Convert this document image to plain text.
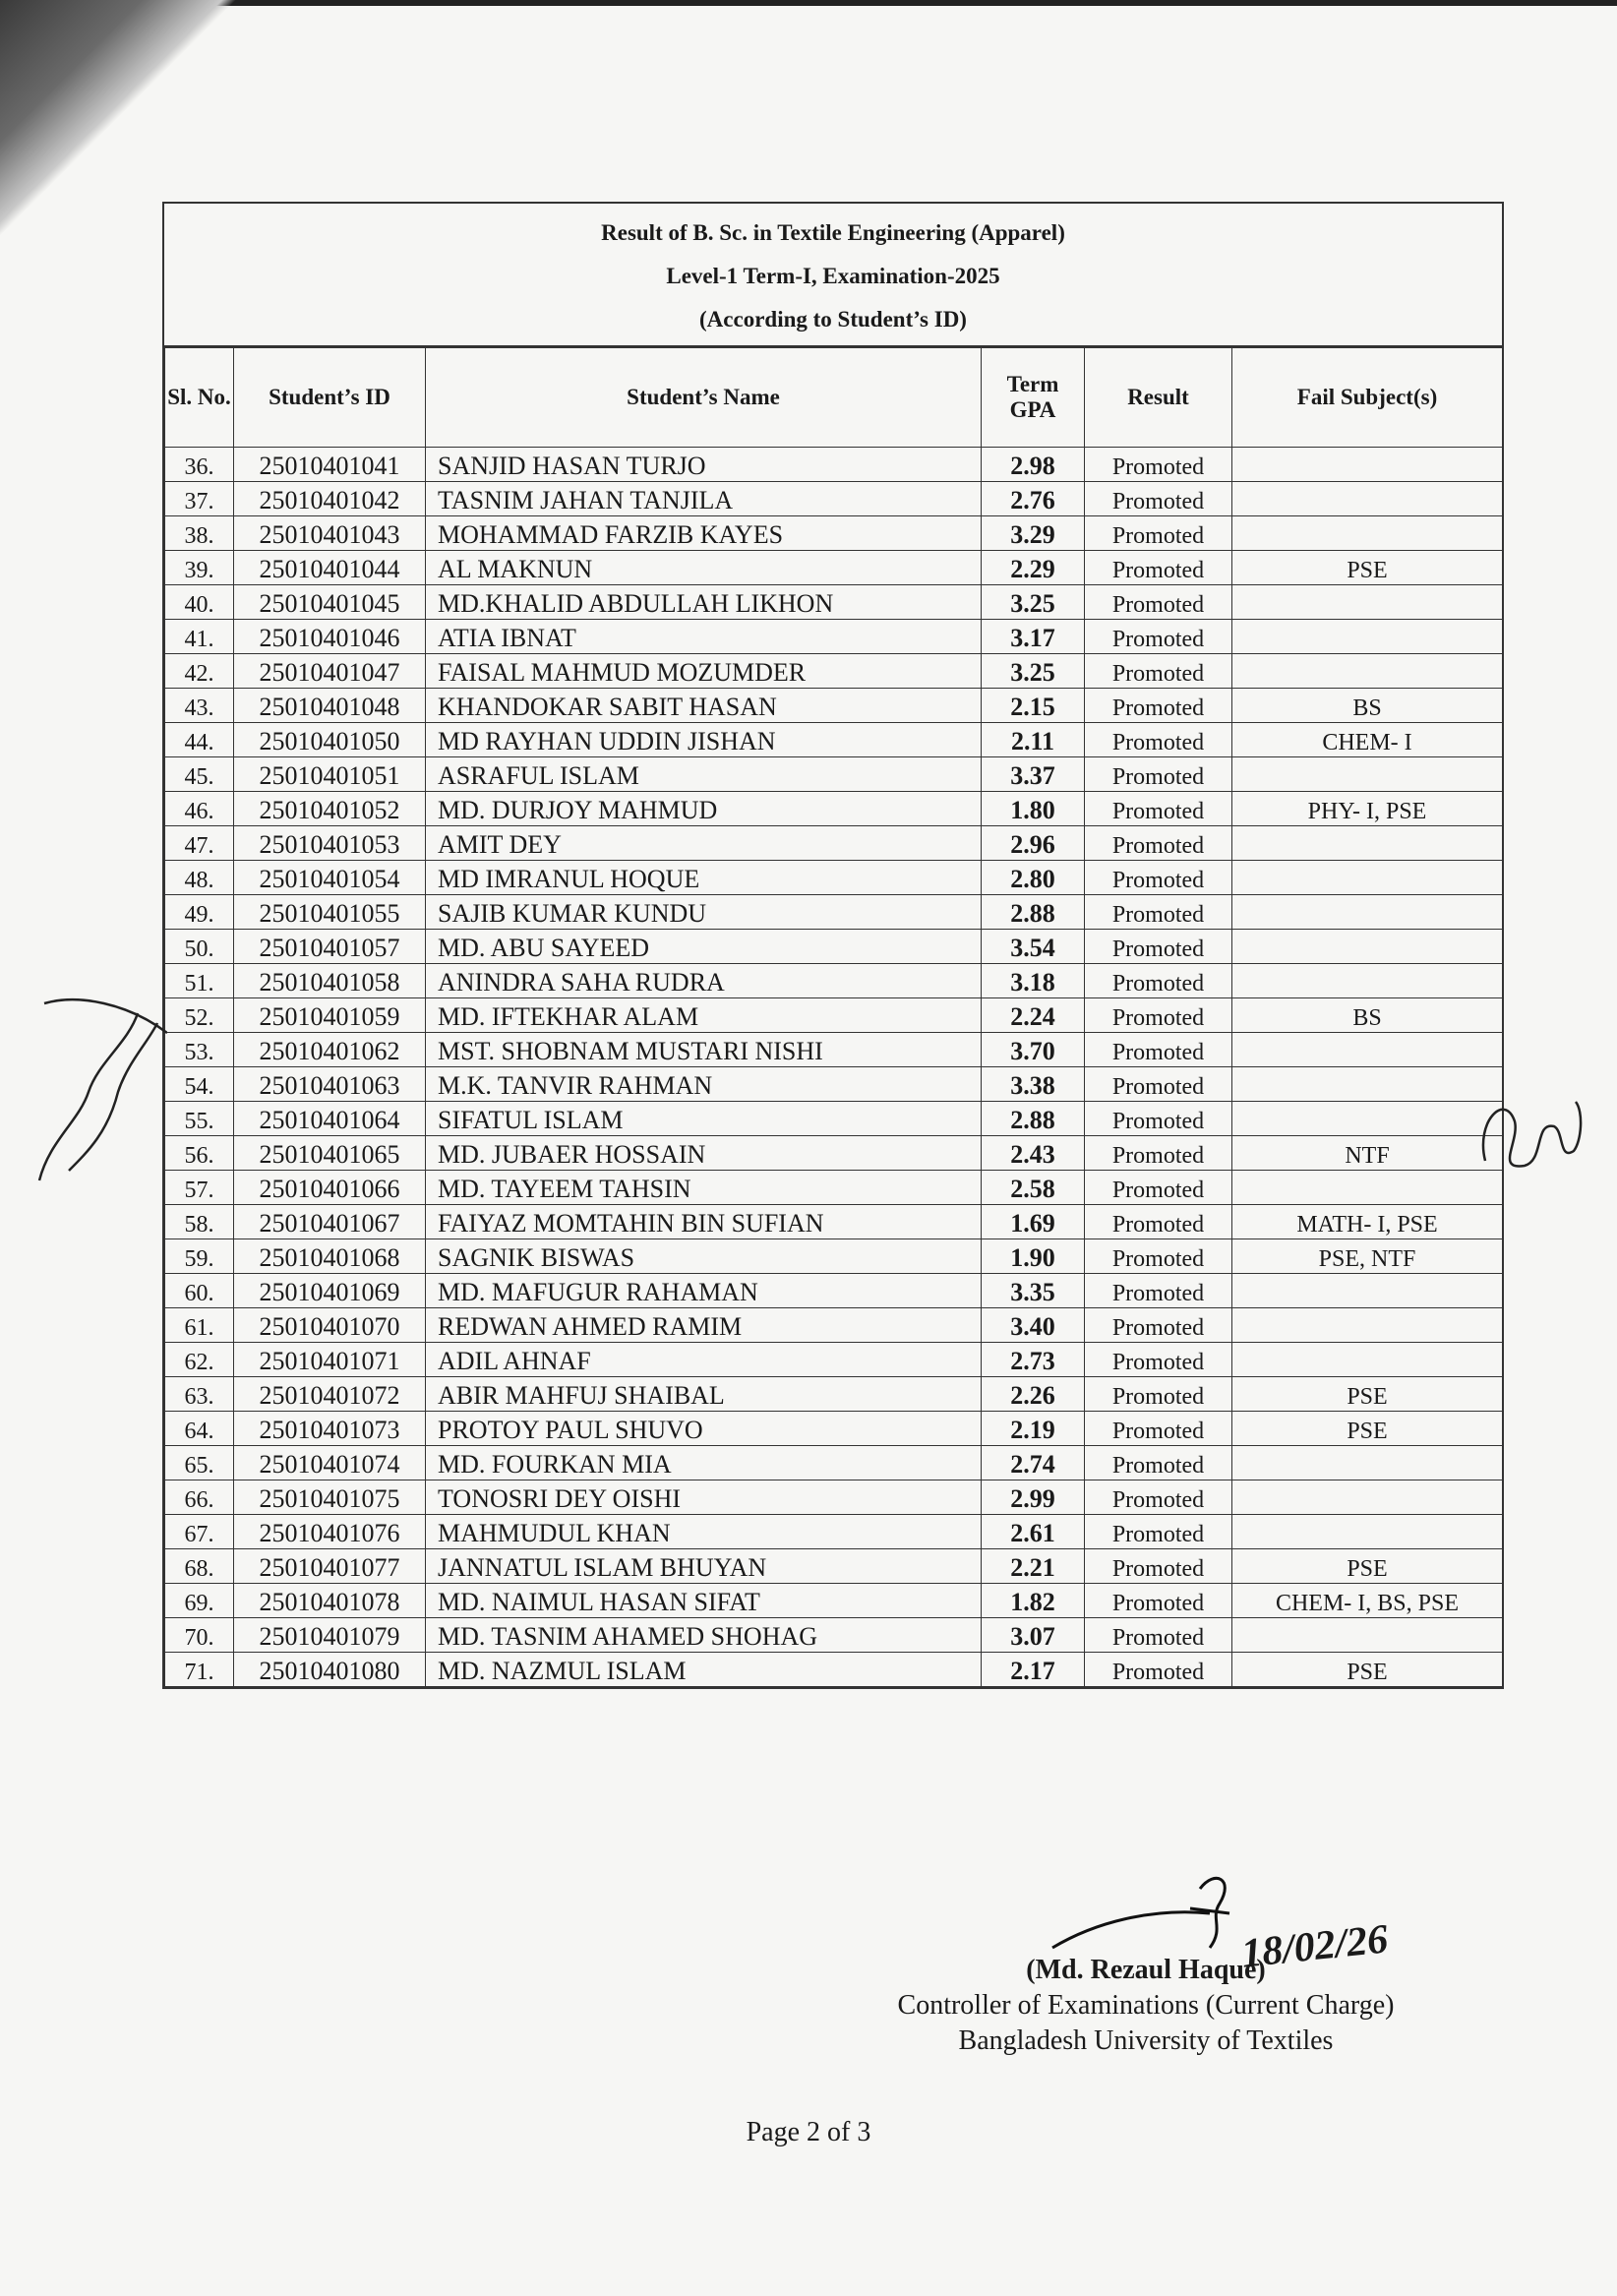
Result of B. Sc. in Textile Engineering (Apparel)
Level-1 Term-I, Examination-2025
(According to Student’s ID)
Sl. No.	Student’s ID	Student’s Name	Term GPA	Result	Fail Subject(s)
36.	25010401041	SANJID HASAN TURJO	2.98	Promoted	
37.	25010401042	TASNIM JAHAN TANJILA	2.76	Promoted	
38.	25010401043	MOHAMMAD FARZIB KAYES	3.29	Promoted	
39.	25010401044	AL MAKNUN	2.29	Promoted	PSE
40.	25010401045	MD.KHALID ABDULLAH LIKHON	3.25	Promoted	
41.	25010401046	ATIA IBNAT	3.17	Promoted	
42.	25010401047	FAISAL MAHMUD MOZUMDER	3.25	Promoted	
43.	25010401048	KHANDOKAR SABIT HASAN	2.15	Promoted	BS
44.	25010401050	MD RAYHAN UDDIN JISHAN	2.11	Promoted	CHEM- I
45.	25010401051	ASRAFUL ISLAM	3.37	Promoted	
46.	25010401052	MD. DURJOY MAHMUD	1.80	Promoted	PHY- I, PSE
47.	25010401053	AMIT DEY	2.96	Promoted	
48.	25010401054	MD IMRANUL HOQUE	2.80	Promoted	
49.	25010401055	SAJIB KUMAR KUNDU	2.88	Promoted	
50.	25010401057	MD. ABU SAYEED	3.54	Promoted	
51.	25010401058	ANINDRA SAHA RUDRA	3.18	Promoted	
52.	25010401059	MD. IFTEKHAR ALAM	2.24	Promoted	BS
53.	25010401062	MST. SHOBNAM MUSTARI NISHI	3.70	Promoted	
54.	25010401063	M.K. TANVIR RAHMAN	3.38	Promoted	
55.	25010401064	SIFATUL ISLAM	2.88	Promoted	
56.	25010401065	MD. JUBAER HOSSAIN	2.43	Promoted	NTF
57.	25010401066	MD. TAYEEM TAHSIN	2.58	Promoted	
58.	25010401067	FAIYAZ MOMTAHIN BIN SUFIAN	1.69	Promoted	MATH- I, PSE
59.	25010401068	SAGNIK BISWAS	1.90	Promoted	PSE, NTF
60.	25010401069	MD. MAFUGUR RAHAMAN	3.35	Promoted	
61.	25010401070	REDWAN AHMED RAMIM	3.40	Promoted	
62.	25010401071	ADIL AHNAF	2.73	Promoted	
63.	25010401072	ABIR MAHFUJ SHAIBAL	2.26	Promoted	PSE
64.	25010401073	PROTOY PAUL SHUVO	2.19	Promoted	PSE
65.	25010401074	MD. FOURKAN MIA	2.74	Promoted	
66.	25010401075	TONOSRI DEY OISHI	2.99	Promoted	
67.	25010401076	MAHMUDUL KHAN	2.61	Promoted	
68.	25010401077	JANNATUL ISLAM BHUYAN	2.21	Promoted	PSE
69.	25010401078	MD. NAIMUL HASAN SIFAT	1.82	Promoted	CHEM- I, BS, PSE
70.	25010401079	MD. TASNIM AHAMED SHOHAG	3.07	Promoted	
71.	25010401080	MD. NAZMUL ISLAM	2.17	Promoted	PSE
18/02/26
(Md. Rezaul Haque)
Controller of Examinations (Current Charge)
Bangladesh University of Textiles
Page 2 of 3
